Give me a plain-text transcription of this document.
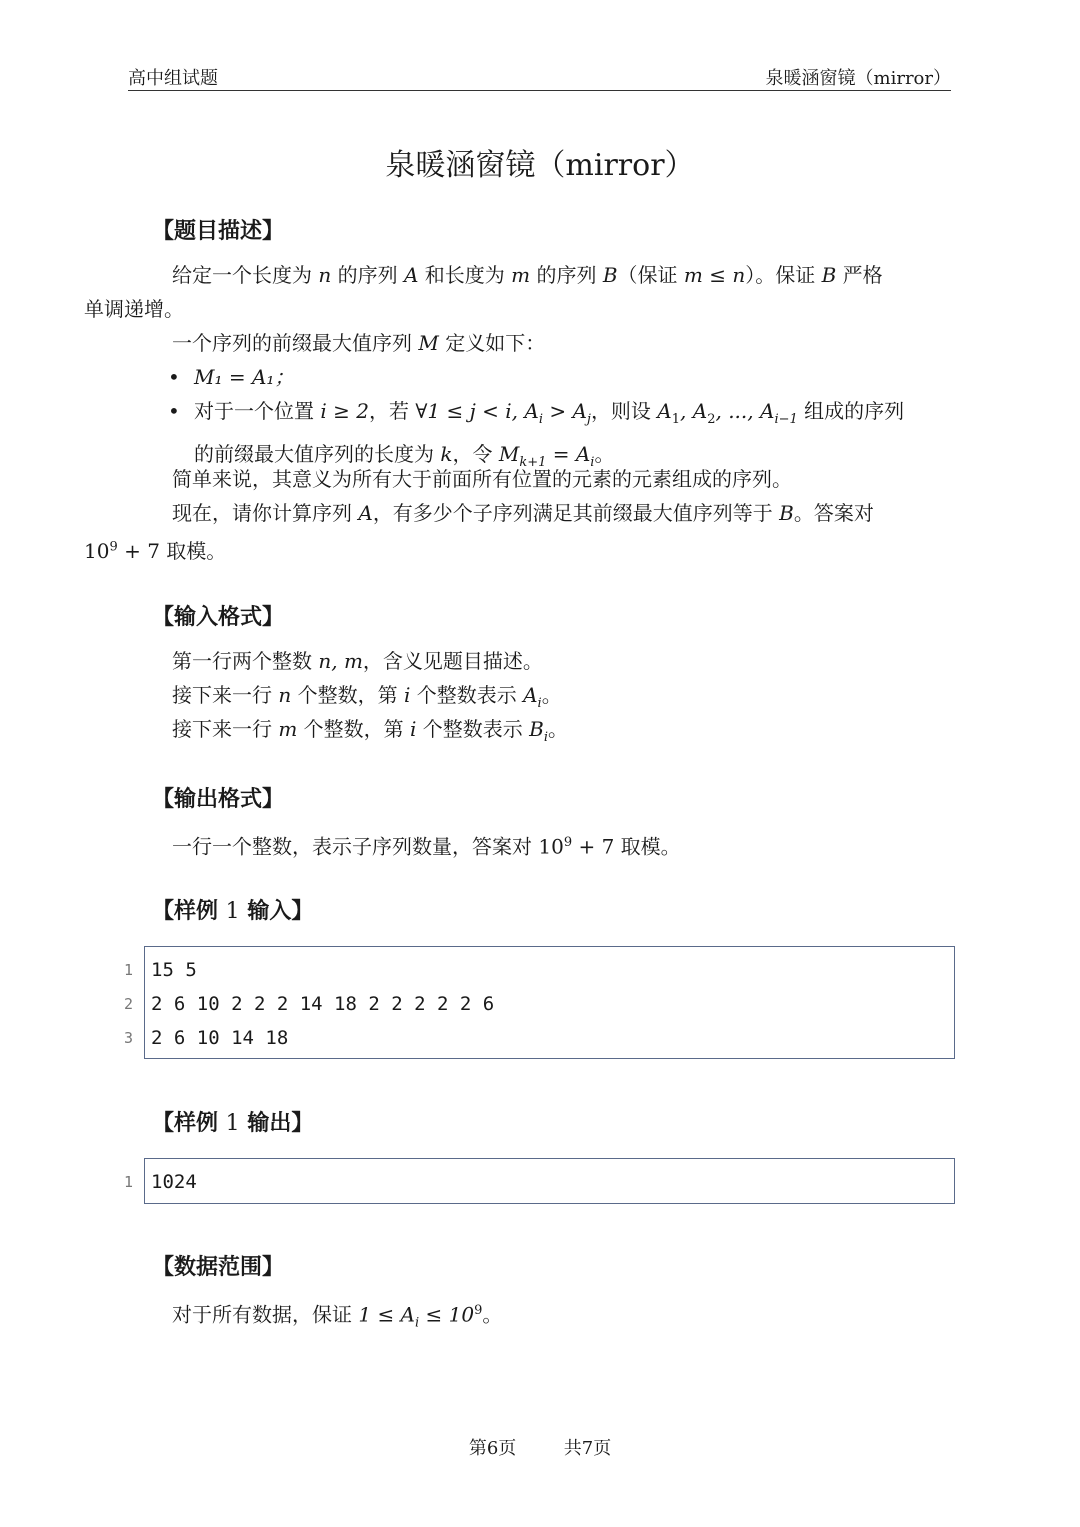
高中组试题	泉暖涵窗镜（mirror）
泉暖涵窗镜（mirror）
【题目描述】
给定一个长度为 n 的序列 A 和长度为 m 的序列 B（保证 m ≤ n）。保证 B 严格
单调递增。
一个序列的前缀最大值序列 M 定义如下：
• M₁ = A₁；
• 对于一个位置 i ≥ 2，若 ∀1 ≤ j < i, $A_i > A_j$，则设 $A_1$, $A_2$, ..., $A_{i-1}$ 组成的序列
的前缀最大值序列的长度为 k，令 $M_{k+1} = A_i$。
简单来说，其意义为所有大于前面所有位置的元素的元素组成的序列。
现在，请你计算序列 A，有多少个子序列满足其前缀最大值序列等于 B。答案对
$10^9 + 7$ 取模。
【输入格式】
第一行两个整数 n, m，含义见题目描述。
接下来一行 n 个整数，第 i 个整数表示 $A_i$。
接下来一行 m 个整数，第 i 个整数表示 $B_i$。
【输出格式】
一行一个整数，表示子序列数量，答案对 $10^9 + 7$ 取模。
【样例 1 输入】
1 15 5
2 2 6 10 2 2 2 14 18 2 2 2 2 2 6
3 2 6 10 14 18
【样例 1 输出】
1 1024
【数据范围】
对于所有数据，保证 $1 \le A_i \le 10^9$。
第6页	共7页
